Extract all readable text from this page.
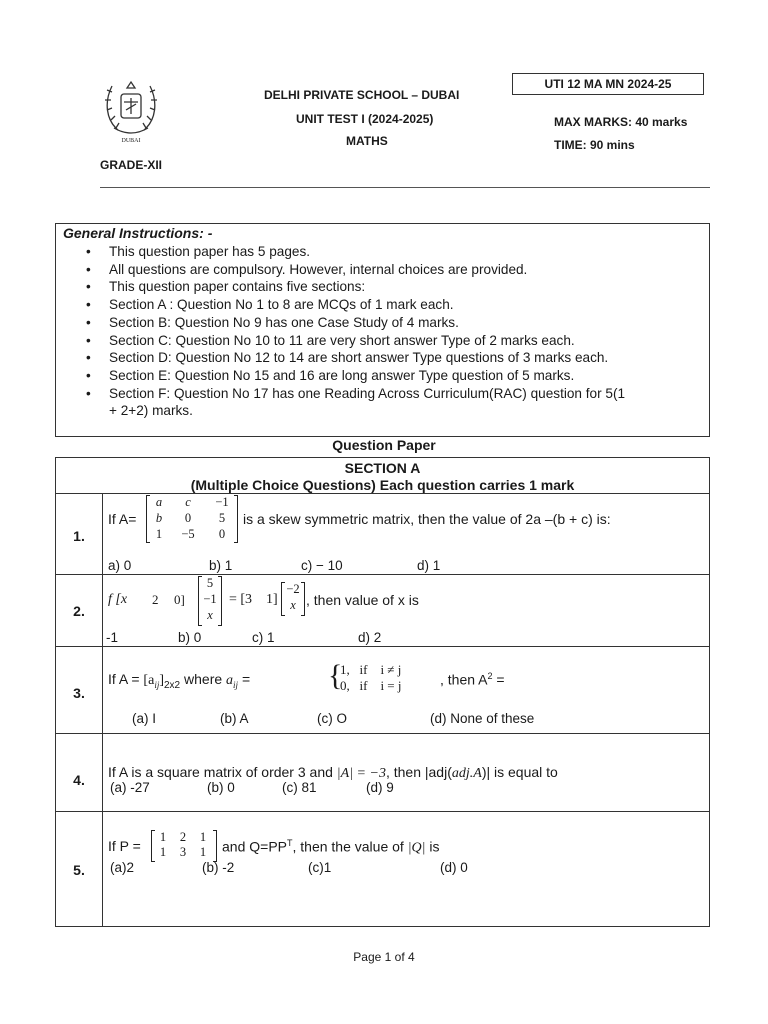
DUBAI
DELHI PRIVATE SCHOOL – DUBAI
UNIT TEST I (2024-2025)
MATHS
UTI 12 MA MN 2024-25
MAX MARKS: 40 marks
TIME: 90 mins
GRADE-XII
General Instructions: -
• This question paper has 5 pages.
• All questions are compulsory. However, internal choices are provided.
• This question paper contains five sections:
• Section A : Question No 1 to 8 are MCQs of 1 mark each.
• Section B: Question No 9 has one Case Study of 4 marks.
• Section C: Question No 10 to 11 are very short answer Type of 2 marks each.
• Section D: Question No 12 to 14 are short answer Type questions of 3 marks each.
• Section E: Question No 15 and 16 are long answer Type question of 5 marks.
• Section F: Question No 17 has one Reading Across Curriculum(RAC) question for 5(1
+ 2+2) marks.
Question Paper
SECTION A
(Multiple Choice Questions) Each question carries 1 mark
1.
If A=
a	c	−1
b	0	5
1	−5	0
is a skew symmetric matrix, then the value of 2a –(b + c) is:
a) 0	b) 1	c) − 10	d) 1
2.
f [x 2 0]
5
−1
x
= [3 1]
−2
x , then value of x is
-1	b) 0	c) 1	d) 2
3.
If $A = [a_{ij}]_{2x2}$ where $a_{ij}$ =	{
1,   if    i ≠ j
0,   if    i = j	, then $A^2$ =
(a) I	(b) A	(c) O	(d) None of these
4.	If A is a square matrix of order 3 and |A| = −3, then |adj(adj.A)| is equal to
(a) -27	(b) 0	(c) 81	(d) 9
5.
If P =
1	2	1
1	3	1	and $Q=PP^T$, then the value of |Q| is
(a)2	(b) -2	(c)1	(d) 0
Page 1 of 4
